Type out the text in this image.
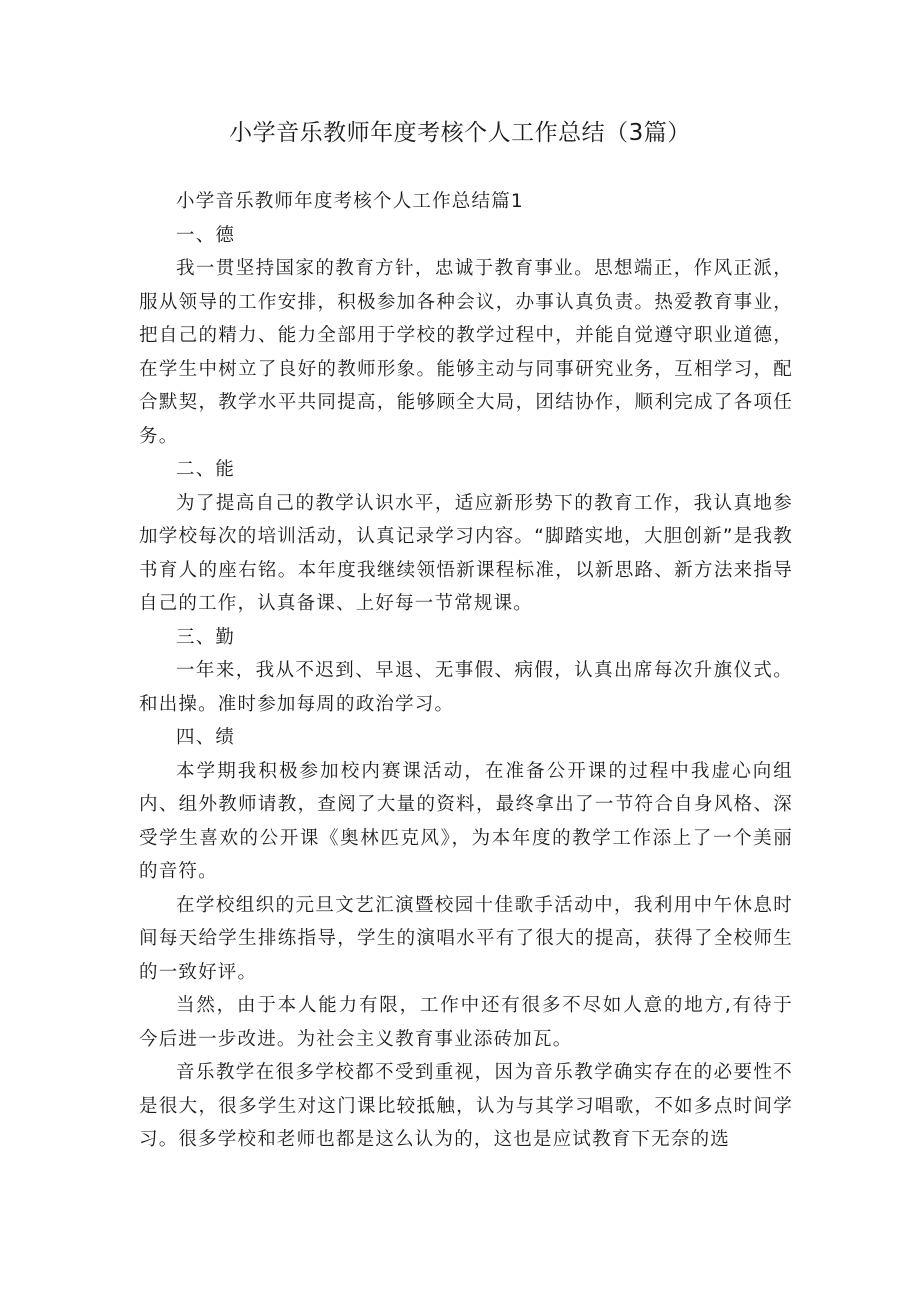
小学音乐教师年度考核个人工作总结（3篇）

小学音乐教师年度考核个人工作总结篇1

一、德

我一贯坚持国家的教育方针，忠诚于教育事业。思想端正，作风正派，服从领导的工作安排，积极参加各种会议，办事认真负责。热爱教育事业，把自己的精力、能力全部用于学校的教学过程中，并能自觉遵守职业道德，在学生中树立了良好的教师形象。能够主动与同事研究业务，互相学习，配合默契，教学水平共同提高，能够顾全大局，团结协作，顺利完成了各项任务。

二、能

为了提高自己的教学认识水平，适应新形势下的教育工作，我认真地参加学校每次的培训活动，认真记录学习内容。“脚踏实地，大胆创新”是我教书育人的座右铭。本年度我继续领悟新课程标准，以新思路、新方法来指导自己的工作，认真备课、上好每一节常规课。

三、勤

一年来，我从不迟到、早退、无事假、病假，认真出席每次升旗仪式。和出操。准时参加每周的政治学习。

四、绩

本学期我积极参加校内赛课活动，在准备公开课的过程中我虚心向组内、组外教师请教，查阅了大量的资料，最终拿出了一节符合自身风格、深受学生喜欢的公开课《奥林匹克风》，为本年度的教学工作添上了一个美丽的音符。

在学校组织的元旦文艺汇演暨校园十佳歌手活动中，我利用中午休息时间每天给学生排练指导，学生的演唱水平有了很大的提高，获得了全校师生的一致好评。

当然，由于本人能力有限，工作中还有很多不尽如人意的地方,有待于今后进一步改进。为社会主义教育事业添砖加瓦。

音乐教学在很多学校都不受到重视，因为音乐教学确实存在的必要性不是很大，很多学生对这门课比较抵触，认为与其学习唱歌，不如多点时间学习。很多学校和老师也都是这么认为的，这也是应试教育下无奈的选
